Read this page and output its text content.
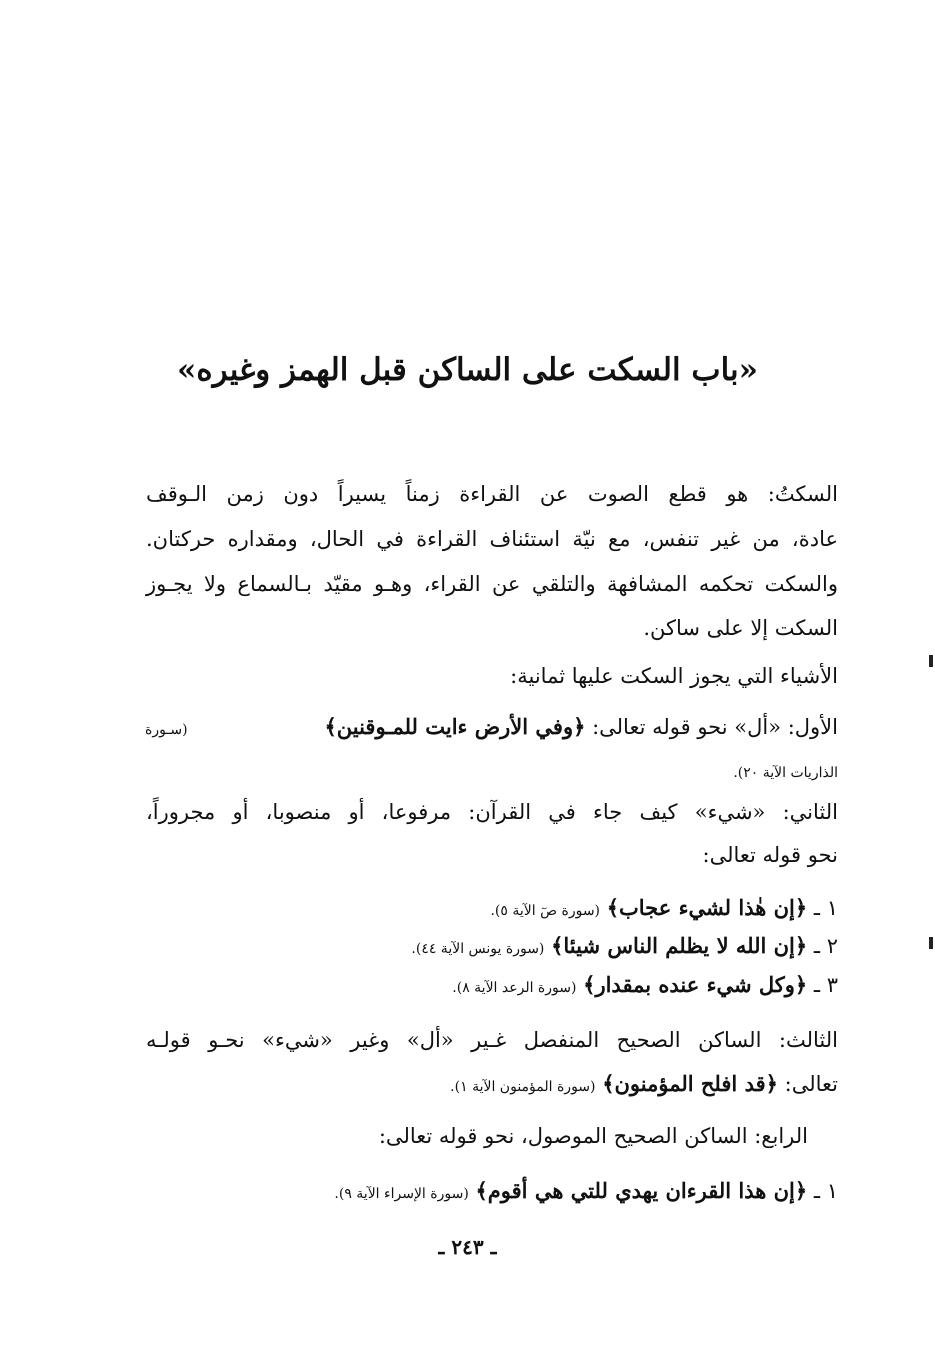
«باب السكت على الساكن قبل الهمز وغيره»
السكتُ: هو قطع الصوت عن القراءة زمناً يسيراً دون زمن الـوقف
عادة، من غير تنفس، مع نيّة استئناف القراءة في الحال، ومقداره حركتان.
والسكت تحكمه المشافهة والتلقي عن القراء، وهـو مقيّد بـالسماع ولا يجـوز
السكت إلا على ساكن.
الأشياء التي يجوز السكت عليها ثمانية:
الأول: «أل» نحو قوله تعالى: ﴿وفي الأرض ءايت للمـوقنين﴾
(سـورة
الذاريات الآية ٢٠).
الثاني: «شيء» كيف جاء في القرآن: مرفوعا، أو منصوبا، أو مجروراً،
نحو قوله تعالى:
١ ـ ﴿إن هٰذا لشيء عجاب﴾ (سورة صٓ الآية ٥).
٢ ـ ﴿إن الله لا يظلم الناس شيئا﴾ (سورة يونس الآية ٤٤).
٣ ـ ﴿وكل شيء عنده بمقدار﴾ (سورة الرعد الآية ٨).
الثالث: الساكن الصحيح المنفصل غـير «أل» وغير «شيء» نحـو قولـه
تعالى: ﴿قد افلح المؤمنون﴾ (سورة المؤمنون الآية ١).
الرابع: الساكن الصحيح الموصول، نحو قوله تعالى:
١ ـ ﴿إن هذا القرءان يهدي للتي هي أقوم﴾ (سورة الإسراء الآية ٩).
ـ ٢٤٣ ـ
